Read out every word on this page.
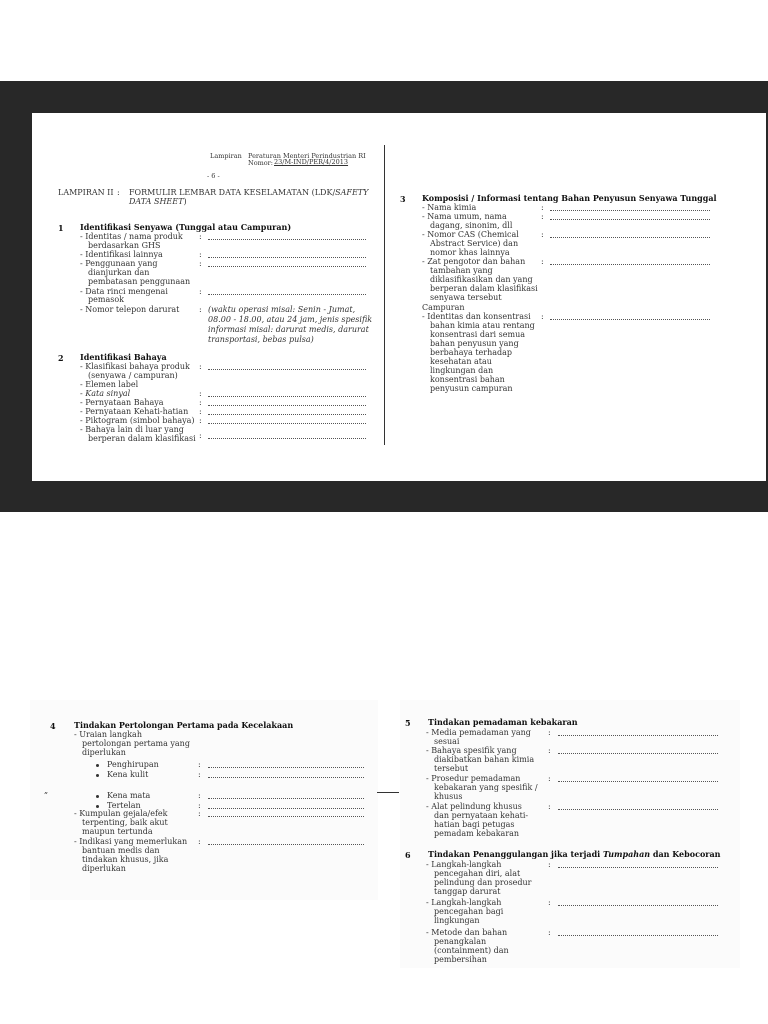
Lampiran Peraturan Menteri Perindustrian RI
Nomor: 23/M-IND/PER/4/2013
- 6 -
LAMPIRAN II : FORMULIR LEMBAR DATA KESELAMATAN (LDK/SAFETY
DATA SHEET)
1 Identifikasi Senyawa (Tunggal atau Campuran)
2 Identifikasi Bahaya
3 Komposisi / Informasi tentang Bahan Penyusun Senyawa Tunggal
- Identitas / nama produk
berdasarkan GHS
- Identifikasi lainnya
- Penggunaan yang
dianjurkan dan
pembatasan penggunaan
- Data rinci mengenai
pemasok
- Nomor telepon darurat
:
:
:
:
: (waktu operasi misal: Senin - Jumat,
08.00 - 18.00, atau 24 jam, jenis spesifik
informasi misal: darurat medis, darurat
transportasi, bebas pulsa)
- Klasifikasi bahaya produk
(senyawa / campuran)
- Elemen label
- Kata sinyal
- Pernyataan Bahaya
- Pernyataan Kehati-hatian
- Piktogram (simbol bahaya)
- Bahaya lain di luar yang
berperan dalam klasifikasi
:
:
:
:
:
:
- Nama kimia
- Nama umum, nama
dagang, sinonim, dll
- Nomor CAS (Chemical
Abstract Service) dan
nomor khas lainnya
- Zat pengotor dan bahan
tambahan yang
diklasifikasikan dan yang
berperan dalam klasifikasi
senyawa tersebut
Campuran
- Identitas dan konsentrasi
bahan kimia atau rentang
konsentrasi dari semua
bahan penyusun yang
berbahaya terhadap
kesehatan atau
lingkungan dan
konsentrasi bahan
penyusun campuran
:
:
:
:
:
4 Tindakan Pertolongan Pertama pada Kecelakaan
„
- Uraian langkah
pertolongan pertama yang
diperlukan
Penghirupan
Kena kulit
Kena mata
Tertelan
- Kumpulan gejala/efek
terpenting, baik akut
maupun tertunda
- Indikasi yang memerlukan
bantuan medis dan
tindakan khusus, jika
diperlukan
:
:
:
:
:
:
5 Tindakan pemadaman kebakaran
6 Tindakan Penanggulangan jika terjadi Tumpahan dan Kebocoran
- Media pemadaman yang
sesuai
- Bahaya spesifik yang
diakibatkan bahan kimia
tersebut
- Prosedur pemadaman
kebakaran yang spesifik /
khusus
- Alat pelindung khusus
dan pernyataan kehati-
hatian bagi petugas
pemadam kebakaran
:
:
:
:
- Langkah-langkah
pencegahan diri, alat
pelindung dan prosedur
tanggap darurat
- Langkah-langkah
pencegahan bagi
lingkungan
- Metode dan bahan
penangkalan
(containment) dan
pembersihan
:
:
:
